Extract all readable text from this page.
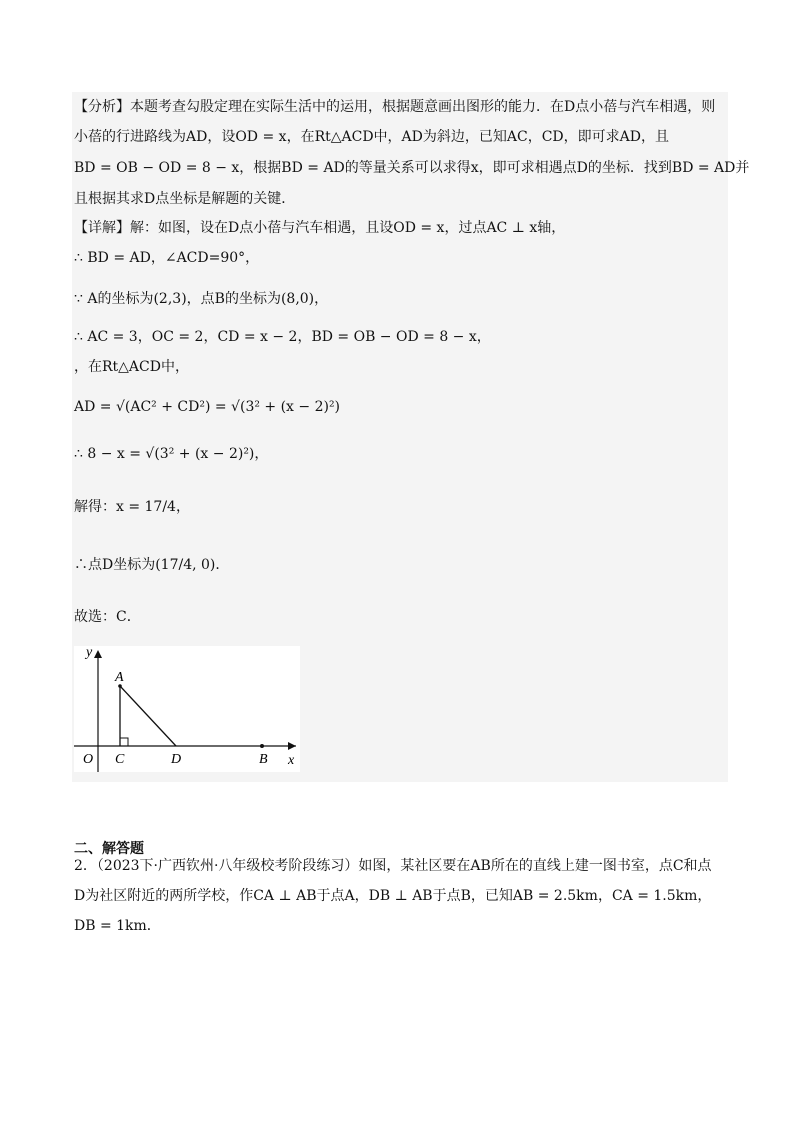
【分析】本题考查勾股定理在实际生活中的运用，根据题意画出图形的能力．在D点小蓓与汽车相遇，则
小蓓的行进路线为AD，设OD = x，在Rt△ACD中，AD为斜边，已知AC，CD，即可求AD，且
BD = OB − OD = 8 − x，根据BD = AD的等量关系可以求得x，即可求相遇点D的坐标．找到BD = AD并
且根据其求D点坐标是解题的关键．
【详解】解：如图，设在D点小蓓与汽车相遇，且设OD = x，过点AC ⊥ x轴，
∴ BD = AD，∠ACD=90°，
∵ A的坐标为(2,3)，点B的坐标为(8,0)，
∴ AC = 3，OC = 2，CD = x − 2，BD = OB − OD = 8 − x，
，在Rt△ACD中，
AD = √(AC² + CD²) = √(3² + (x − 2)²)
∴ 8 − x = √(3² + (x − 2)²)，
解得：x = 17/4，
∴点D坐标为(17/4, 0)．
故选：C．
y
x
A
O C	D	B
二、解答题
2．（2023下·广西钦州·八年级校考阶段练习）如图，某社区要在AB所在的直线上建一图书室，点C和点
D为社区附近的两所学校，作CA ⊥ AB于点A，DB ⊥ AB于点B，已知AB = 2.5km，CA = 1.5km，
DB = 1km．
